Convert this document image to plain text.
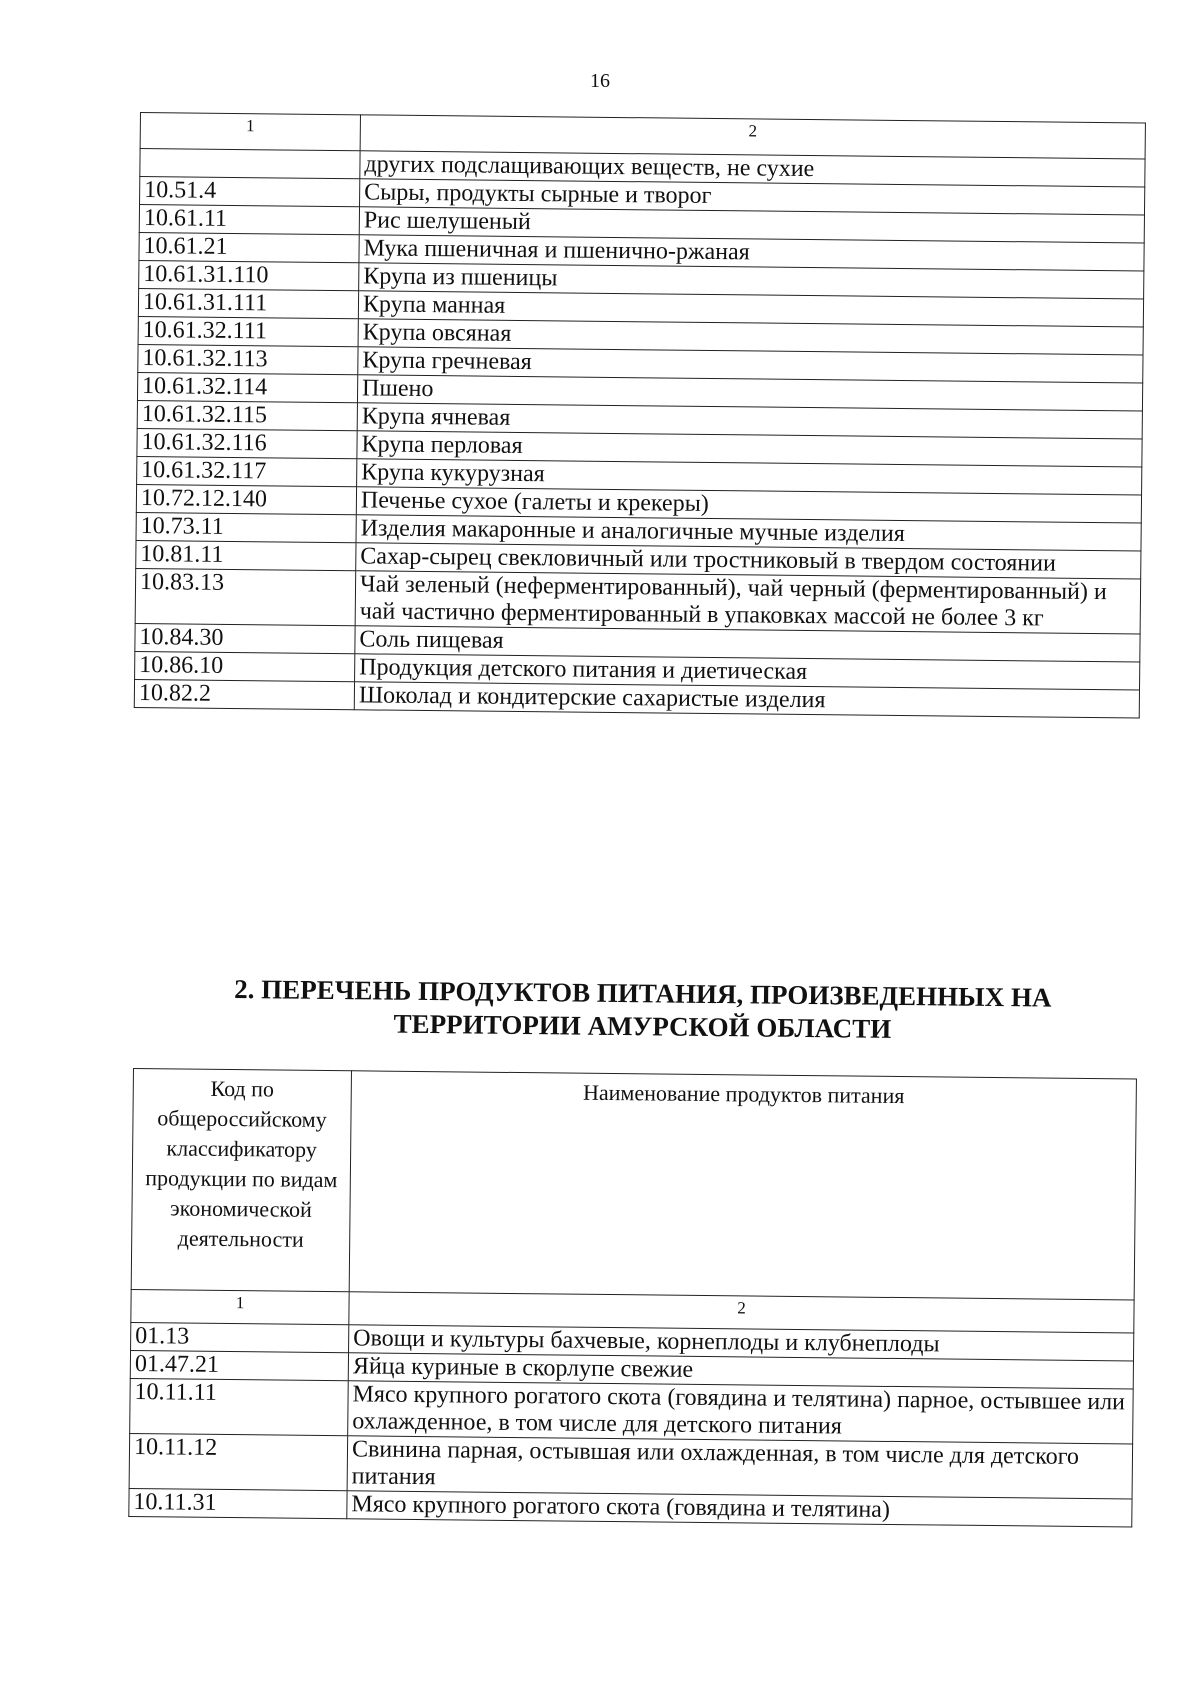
16
1	2
	других подслащивающих веществ, не сухие
10.51.4	Сыры, продукты сырные и творог
10.61.11	Рис шелушеный
10.61.21	Мука пшеничная и пшенично-ржаная
10.61.31.110	Крупа из пшеницы
10.61.31.111	Крупа манная
10.61.32.111	Крупа овсяная
10.61.32.113	Крупа гречневая
10.61.32.114	Пшено
10.61.32.115	Крупа ячневая
10.61.32.116	Крупа перловая
10.61.32.117	Крупа кукурузная
10.72.12.140	Печенье сухое (галеты и крекеры)
10.73.11	Изделия макаронные и аналогичные мучные изделия
10.81.11	Сахар-сырец свекловичный или тростниковый в твердом состоянии
10.83.13	Чай зеленый (неферментированный), чай черный (ферментированный) и чай частично ферментированный в упаковках массой не более 3 кг
10.84.30	Соль пищевая
10.86.10	Продукция детского питания и диетическая
10.82.2	Шоколад и кондитерские сахаристые изделия
2. ПЕРЕЧЕНЬ ПРОДУКТОВ ПИТАНИЯ, ПРОИЗВЕДЕННЫХ НА ТЕРРИТОРИИ АМУРСКОЙ ОБЛАСТИ
Код по общероссийскому классификатору продукции по видам экономической деятельности	Наименование продуктов питания
1	2
01.13	Овощи и культуры бахчевые, корнеплоды и клубнеплоды
01.47.21	Яйца куриные в скорлупе свежие
10.11.11	Мясо крупного рогатого скота (говядина и телятина) парное, остывшее или охлажденное, в том числе для детского питания
10.11.12	Свинина парная, остывшая или охлажденная, в том числе для детского питания
10.11.31	Мясо крупного рогатого скота (говядина и телятина)
